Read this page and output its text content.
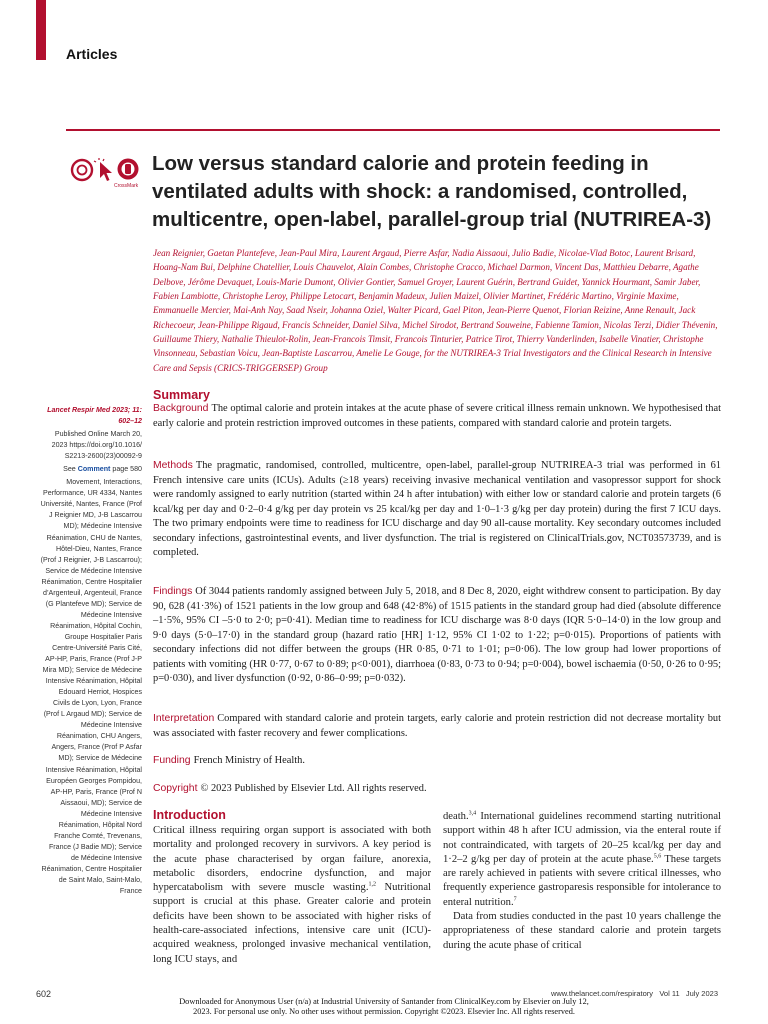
Articles
CrossMark
Low versus standard calorie and protein feeding in ventilated adults with shock: a randomised, controlled, multicentre, open-label, parallel-group trial (NUTRIREA-3)
Jean Reignier, Gaetan Plantefeve, Jean-Paul Mira, Laurent Argaud, Pierre Asfar, Nadia Aissaoui, Julio Badie, Nicolae-Vlad Botoc, Laurent Brisard, Hoang-Nam Bui, Delphine Chatellier, Louis Chauvelot, Alain Combes, Christophe Cracco, Michael Darmon, Vincent Das, Matthieu Debarre, Agathe Delbove, Jérôme Devaquet, Louis-Marie Dumont, Olivier Gontier, Samuel Groyer, Laurent Guérin, Bertrand Guidet, Yannick Hourmant, Samir Jaber, Fabien Lambiotte, Christophe Leroy, Philippe Letocart, Benjamin Madeux, Julien Maizel, Olivier Martinet, Frédéric Martino, Virginie Maxime, Emmanuelle Mercier, Mai-Anh Nay, Saad Nseir, Johanna Oziel, Walter Picard, Gael Piton, Jean-Pierre Quenot, Florian Reizine, Anne Renault, Jack Richecoeur, Jean-Philippe Rigaud, Francis Schneider, Daniel Silva, Michel Sirodot, Bertrand Souweine, Fabienne Tamion, Nicolas Terzi, Didier Thévenin, Guillaume Thiery, Nathalie Thieulot-Rolin, Jean-Francois Timsit, Francois Tinturier, Patrice Tirot, Thierry Vanderlinden, Isabelle Vinatier, Christophe Vinsonneau, Sebastian Voicu, Jean-Baptiste Lascarrou, Amelie Le Gouge, for the NUTRIREA-3 Trial Investigators and the Clinical Research in Intensive Care and Sepsis (CRICS-TRIGGERSEP) Group
Lancet Respir Med 2023; 11: 602–12
Published Online March 20, 2023 https://doi.org/10.1016/ S2213-2600(23)00092-9
See Comment page 580
Movement, Interactions, Performance, UR 4334, Nantes Université, Nantes, France (Prof J Reignier MD, J-B Lascarrou MD); Médecine Intensive Réanimation, CHU de Nantes, Hôtel-Dieu, Nantes, France (Prof J Reignier, J-B Lascarrou); Service de Médecine Intensive Réanimation, Centre Hospitalier d’Argenteuil, Argenteuil, France (G Plantefeve MD); Service de Médecine Intensive Réanimation, Hôpital Cochin, Groupe Hospitalier Paris Centre-Université Paris Cité, AP-HP, Paris, France (Prof J-P Mira MD); Service de Médecine Intensive Réanimation, Hôpital Edouard Herriot, Hospices Civils de Lyon, Lyon, France (Prof L Argaud MD); Service de Médecine Intensive Réanimation, CHU Angers, Angers, France (Prof P Asfar MD); Service de Médecine Intensive Réanimation, Hôpital Européen Georges Pompidou, AP-HP, Paris, France (Prof N Aissaoui, MD); Service de Médecine Intensive Réanimation, Hôpital Nord Franche Comté, Trevenans, France (J Badie MD); Service de Médecine Intensive Réanimation, Centre Hospitalier de Saint Malo, Saint-Malo, France
Summary

Background The optimal calorie and protein intakes at the acute phase of severe critical illness remain unknown. We hypothesised that early calorie and protein restriction improved outcomes in these patients, compared with standard calorie and protein targets.

Methods The pragmatic, randomised, controlled, multicentre, open-label, parallel-group NUTRIREA-3 trial was performed in 61 French intensive care units (ICUs). Adults (≥18 years) receiving invasive mechanical ventilation and vasopressor support for shock were randomly assigned to early nutrition (started within 24 h after intubation) with either low or standard calorie and protein targets (6 kcal/kg per day and 0·2–0·4 g/kg per day protein vs 25 kcal/kg per day and 1·0–1·3 g/kg per day protein) during the first 7 ICU days. The two primary endpoints were time to readiness for ICU discharge and day 90 all-cause mortality. Key secondary outcomes included secondary infections, gastrointestinal events, and liver dysfunction. The trial is registered on ClinicalTrials.gov, NCT03573739, and is completed.

Findings Of 3044 patients randomly assigned between July 5, 2018, and 8 Dec 8, 2020, eight withdrew consent to participation. By day 90, 628 (41·3%) of 1521 patients in the low group and 648 (42·8%) of 1515 patients in the standard group had died (absolute difference –1·5%, 95% CI –5·0 to 2·0; p=0·41). Median time to readiness for ICU discharge was 8·0 days (IQR 5·0–14·0) in the low group and 9·0 days (5·0–17·0) in the standard group (hazard ratio [HR] 1·12, 95% CI 1·02 to 1·22; p=0·015). Proportions of patients with secondary infections did not differ between the groups (HR 0·85, 0·71 to 1·01; p=0·06). The low group had lower proportions of patients with vomiting (HR 0·77, 0·67 to 0·89; p<0·001), diarrhoea (0·83, 0·73 to 0·94; p=0·004), bowel ischaemia (0·50, 0·26 to 0·95; p=0·030), and liver dysfunction (0·92, 0·86–0·99; p=0·032).

Interpretation Compared with standard calorie and protein targets, early calorie and protein restriction did not decrease mortality but was associated with faster recovery and fewer complications.

Funding French Ministry of Health.

Copyright © 2023 Published by Elsevier Ltd. All rights reserved.

Introduction
Critical illness requiring organ support is associated with both mortality and prolonged recovery in survivors. A key period is the acute phase characterised by organ failure, anorexia, metabolic disorders, endocrine dysfunction, and major hypercatabolism with severe muscle wasting.$^{1,2}$ Nutritional support is crucial at this phase. Greater calorie and protein deficits have been shown to be associated with higher risks of health-care-associated infections, intensive care unit (ICU)-acquired weakness, prolonged invasive mechanical ventilation, long ICU stays, and
death.$^{3,4}$ International guidelines recommend starting nutritional support within 48 h after ICU admission, via the enteral route if not contraindicated, with targets of 20–25 kcal/kg per day and 1·2–2 g/kg per day of protein at the acute phase.$^{5,6}$ These targets are rarely achieved in patients with severe critical illnesses, who frequently experience gastroparesis responsible for intolerance to enteral nutrition.$^7$
Data from studies conducted in the past 10 years challenge the appropriateness of these standard calorie and protein targets during the acute phase of critical
602	www.thelancet.com/respiratory Vol 11 July 2023
Downloaded for Anonymous User (n/a) at Industrial University of Santander from ClinicalKey.com by Elsevier on July 12,
2023. For personal use only. No other uses without permission. Copyright ©2023. Elsevier Inc. All rights reserved.
